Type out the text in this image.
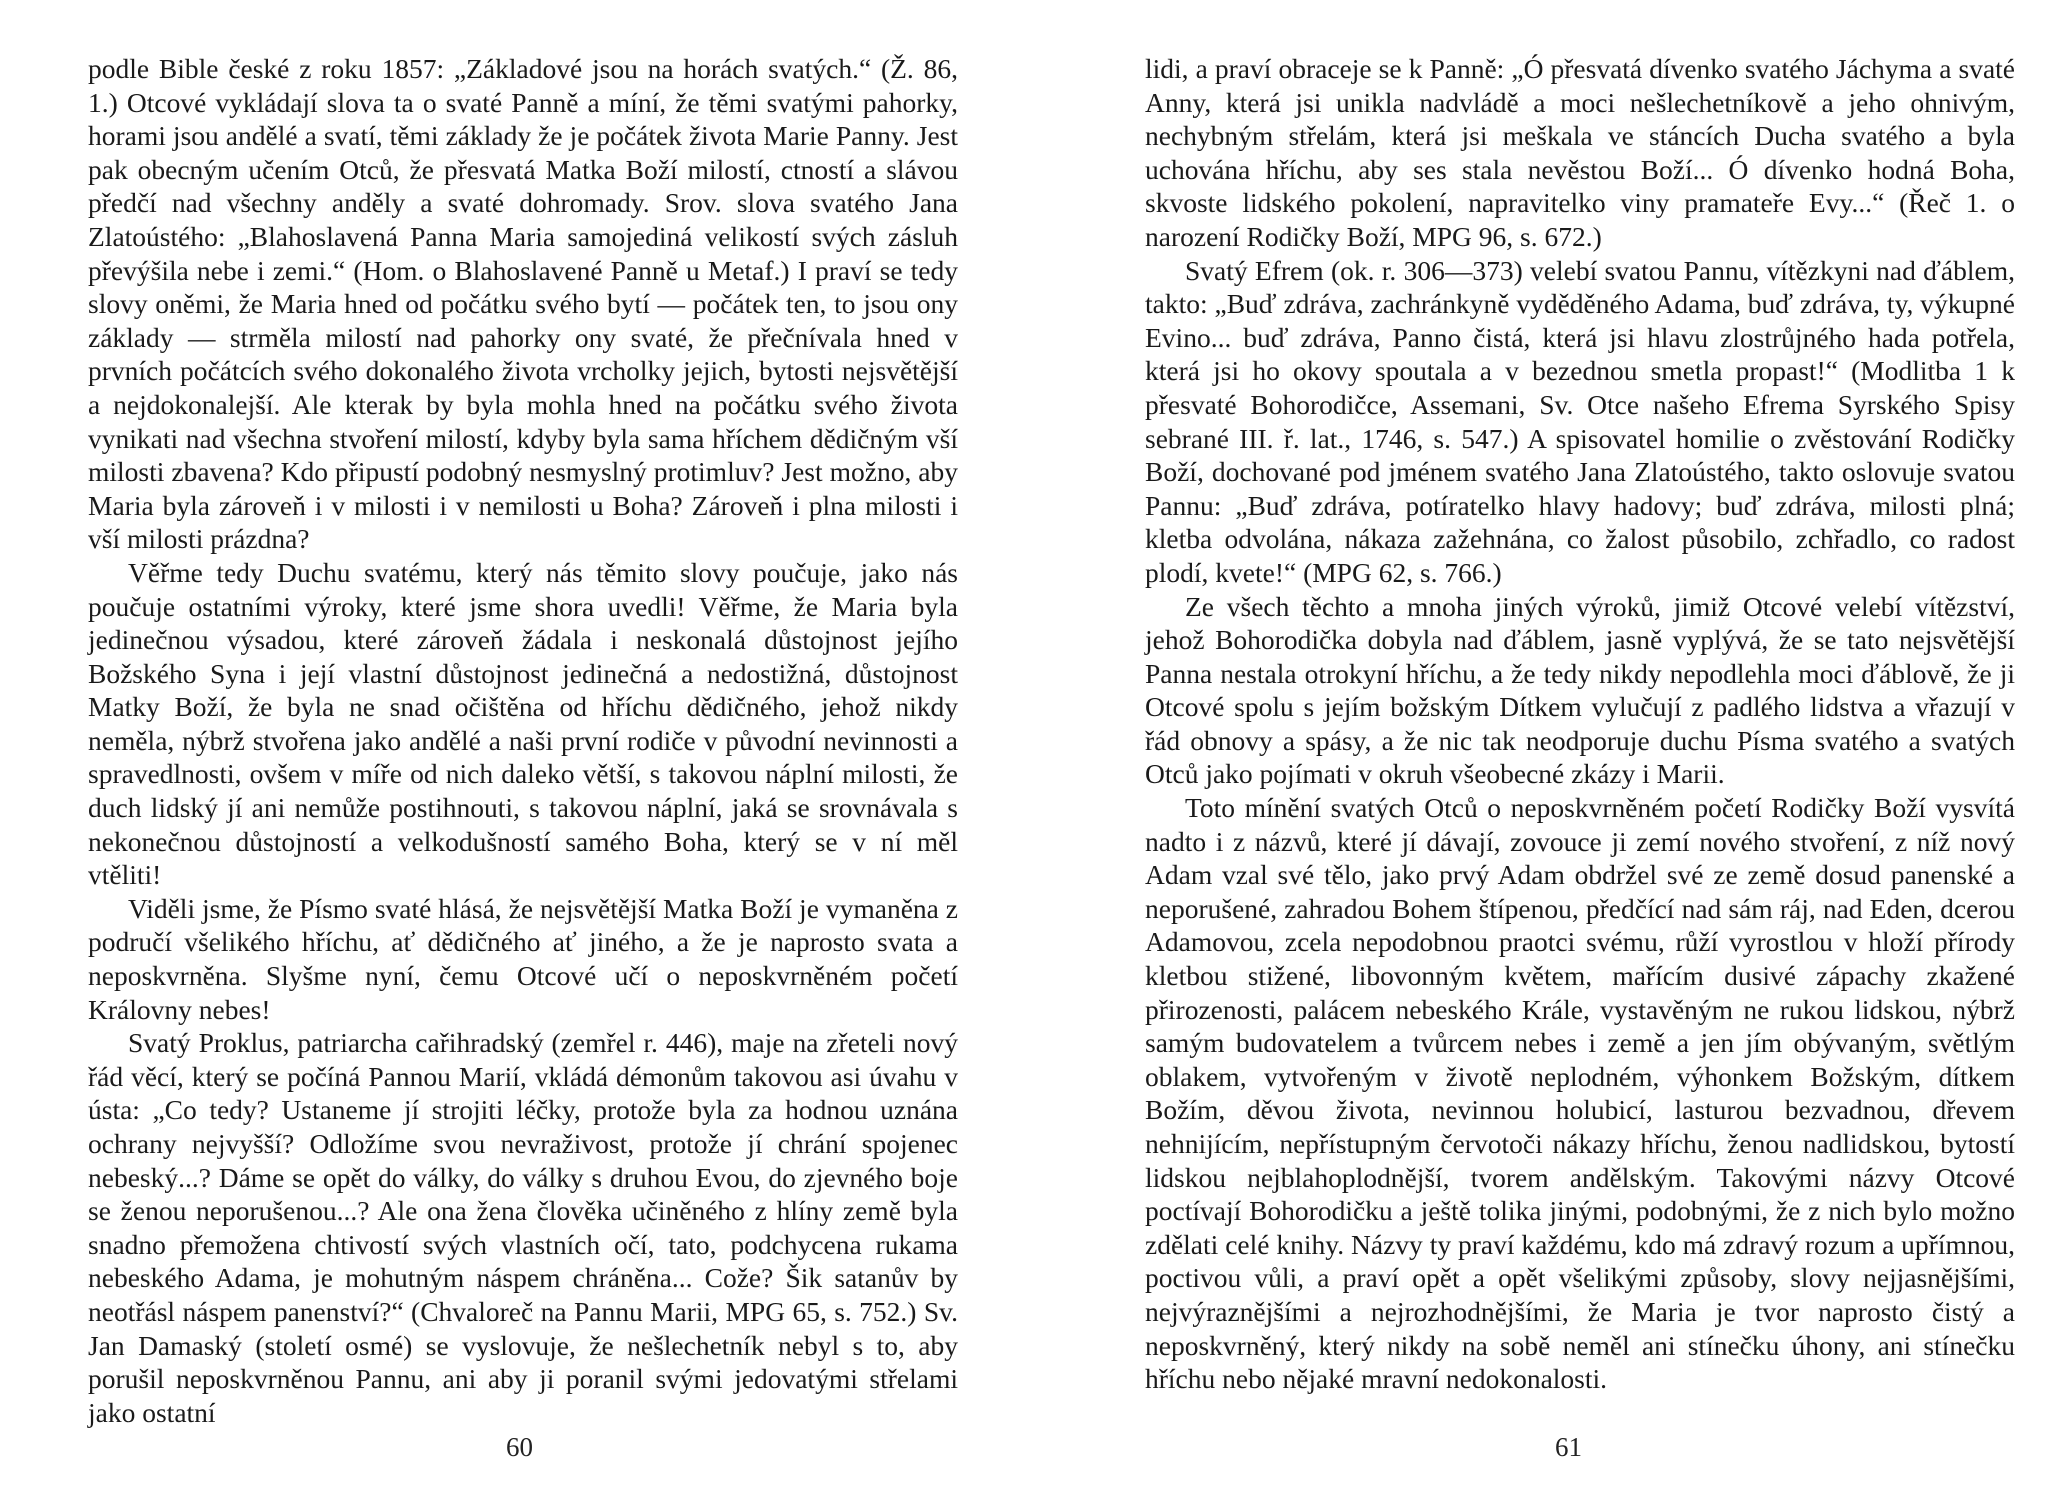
podle Bible české z roku 1857: „Základové jsou na horách svatých.“ (Ž. 86, 1.) Otcové vykládají slova ta o svaté Panně a míní, že těmi svatými pahorky, horami jsou andělé a svatí, těmi základy že je počátek života Marie Panny. Jest pak obecným učením Otců, že přesvatá Matka Boží milostí, ctností a slávou předčí nad všechny anděly a svaté dohromady. Srov. slova svatého Jana Zlatoústého: „Blahoslavená Panna Maria samojediná velikostí svých zásluh převýšila nebe i zemi.“ (Hom. o Blahoslavené Panně u Metaf.) I praví se tedy slovy oněmi, že Maria hned od počátku svého bytí — počátek ten, to jsou ony základy — strměla milostí nad pahorky ony svaté, že přečnívala hned v prvních počátcích svého dokonalého života vrcholky jejich, bytosti nejsvětější a nejdokonalejší. Ale kterak by byla mohla hned na počátku svého života vynikati nad všechna stvoření milostí, kdyby byla sama hříchem dědičným vší milosti zbavena? Kdo připustí podobný nesmyslný protimluv? Jest možno, aby Maria byla zároveň i v milosti i v nemilosti u Boha? Zároveň i plna milosti i vší milosti prázdna?

Věřme tedy Duchu svatému, který nás těmito slovy poučuje, jako nás poučuje ostatními výroky, které jsme shora uvedli! Věřme, že Maria byla jedinečnou výsadou, které zároveň žádala i neskonalá důstojnost jejího Božského Syna i její vlastní důstojnost jedinečná a nedostižná, důstojnost Matky Boží, že byla ne snad očištěna od hříchu dědičného, jehož nikdy neměla, nýbrž stvořena jako andělé a naši první rodiče v původní nevinnosti a spravedlnosti, ovšem v míře od nich daleko větší, s takovou náplní milosti, že duch lidský jí ani nemůže postihnouti, s takovou náplní, jaká se srovnávala s nekonečnou důstojností a velkodušností samého Boha, který se v ní měl vtěliti!

Viděli jsme, že Písmo svaté hlásá, že nejsvětější Matka Boží je vymaněna z područí všelikého hříchu, ať dědičného ať jiného, a že je naprosto svata a neposkvrněna. Slyšme nyní, čemu Otcové učí o neposkvrněném početí Královny nebes!

Svatý Proklus, patriarcha cařihradský (zemřel r. 446), maje na zřeteli nový řád věcí, který se počíná Pannou Marií, vkládá démonům takovou asi úvahu v ústa: „Co tedy? Ustaneme jí strojiti léčky, protože byla za hodnou uznána ochrany nejvyšší? Odložíme svou nevraživost, protože jí chrání spojenec nebeský...? Dáme se opět do války, do války s druhou Evou, do zjevného boje se ženou neporušenou...? Ale ona žena člověka učiněného z hlíny země byla snadno přemožena chtivostí svých vlastních očí, tato, podchycena rukama nebeského Adama, je mohutným náspem chráněna... Cože? Šik satanův by neotřásl náspem panenství?“ (Chvaloreč na Pannu Marii, MPG 65, s. 752.) Sv. Jan Damaský (století osmé) se vyslovuje, že nešlechetník nebyl s to, aby porušil neposkvrněnou Pannu, ani aby ji poranil svými jedovatými střelami jako ostatní

60

lidi, a praví obraceje se k Panně: „Ó přesvatá dívenko svatého Jáchyma a svaté Anny, která jsi unikla nadvládě a moci nešlechetníkově a jeho ohnivým, nechybným střelám, která jsi meškala ve stáncích Ducha svatého a byla uchována hříchu, aby ses stala nevěstou Boží... Ó dívenko hodná Boha, skvoste lidského pokolení, napravitelko viny pramateře Evy...“ (Řeč 1. o narození Rodičky Boží, MPG 96, s. 672.)

Svatý Efrem (ok. r. 306—373) velebí svatou Pannu, vítězkyni nad ďáblem, takto: „Buď zdráva, zachránkyně vyděděného Adama, buď zdráva, ty, výkupné Evino... buď zdráva, Panno čistá, která jsi hlavu zlostrůjného hada potřela, která jsi ho okovy spoutala a v bezednou smetla propast!“ (Modlitba 1 k přesvaté Bohorodičce, Assemani, Sv. Otce našeho Efrema Syrského Spisy sebrané III. ř. lat., 1746, s. 547.) A spisovatel homilie o zvěstování Rodičky Boží, dochované pod jménem svatého Jana Zlatoústého, takto oslovuje svatou Pannu: „Buď zdráva, potíratelko hlavy hadovy; buď zdráva, milosti plná; kletba odvolána, nákaza zažehnána, co žalost působilo, zchřadlo, co radost plodí, kvete!“ (MPG 62, s. 766.)

Ze všech těchto a mnoha jiných výroků, jimiž Otcové velebí vítězství, jehož Bohorodička dobyla nad ďáblem, jasně vyplývá, že se tato nejsvětější Panna nestala otrokyní hříchu, a že tedy nikdy nepodlehla moci ďáblově, že ji Otcové spolu s jejím božským Dítkem vylučují z padlého lidstva a vřazují v řád obnovy a spásy, a že nic tak neodporuje duchu Písma svatého a svatých Otců jako pojímati v okruh všeobecné zkázy i Marii.

Toto mínění svatých Otců o neposkvrněném početí Rodičky Boží vysvítá nadto i z názvů, které jí dávají, zovouce ji zemí nového stvoření, z níž nový Adam vzal své tělo, jako prvý Adam obdržel své ze země dosud panenské a neporušené, zahradou Bohem štípenou, předčící nad sám ráj, nad Eden, dcerou Adamovou, zcela nepodobnou praotci svému, růží vyrostlou v hloží přírody kletbou stižené, libovonným květem, mařícím dusivé zápachy zkažené přirozenosti, palácem nebeského Krále, vystavěným ne rukou lidskou, nýbrž samým budovatelem a tvůrcem nebes i země a jen jím obývaným, světlým oblakem, vytvořeným v životě neplodném, výhonkem Božským, dítkem Božím, děvou života, nevinnou holubicí, lasturou bezvadnou, dřevem nehnijícím, nepřístupným červotoči nákazy hříchu, ženou nadlidskou, bytostí lidskou nejblahoplodnější, tvorem andělským. Takovými názvy Otcové poctívají Bohorodičku a ještě tolika jinými, podobnými, že z nich bylo možno zdělati celé knihy. Názvy ty praví každému, kdo má zdravý rozum a upřímnou, poctivou vůli, a praví opět a opět všelikými způsoby, slovy nejjasnějšími, nejvýraznějšími a nejrozhodnějšími, že Maria je tvor naprosto čistý a neposkvrněný, který nikdy na sobě neměl ani stínečku úhony, ani stínečku hříchu nebo nějaké mravní nedokonalosti.

61
